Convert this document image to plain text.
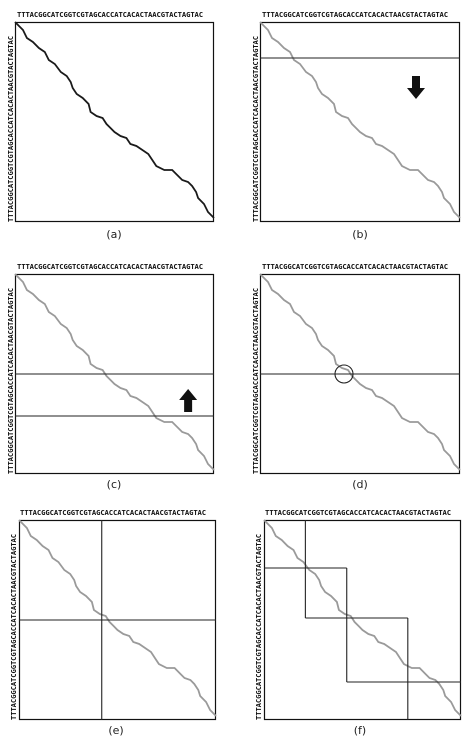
TTTACGGCATCGGTCGTAGCACCATCACACTAACGTACTAGTAC
TTTACGGCATCGGTCGTAGCACCATCACACTAACGTACTAGTAC
(a)
TTTACGGCATCGGTCGTAGCACCATCACACTAACGTACTAGTAC
TTTACGGCATCGGTCGTAGCACCATCACACTAACGTACTAGTAC
(b)
TTTACGGCATCGGTCGTAGCACCATCACACTAACGTACTAGTAC
TTTACGGCATCGGTCGTAGCACCATCACACTAACGTACTAGTAC
(c)
TTTACGGCATCGGTCGTAGCACCATCACACTAACGTACTAGTAC
TTTACGGCATCGGTCGTAGCACCATCACACTAACGTACTAGTAC
(d)
TTTACGGCATCGGTCGTAGCACCATCACACTAACGTACTAGTAC
TTTACGGCATCGGTCGTAGCACCATCACACTAACGTACTAGTAC
(e)
TTTACGGCATCGGTCGTAGCACCATCACACTAACGTACTAGTAC
TTTACGGCATCGGTCGTAGCACCATCACACTAACGTACTAGTAC
(f)
